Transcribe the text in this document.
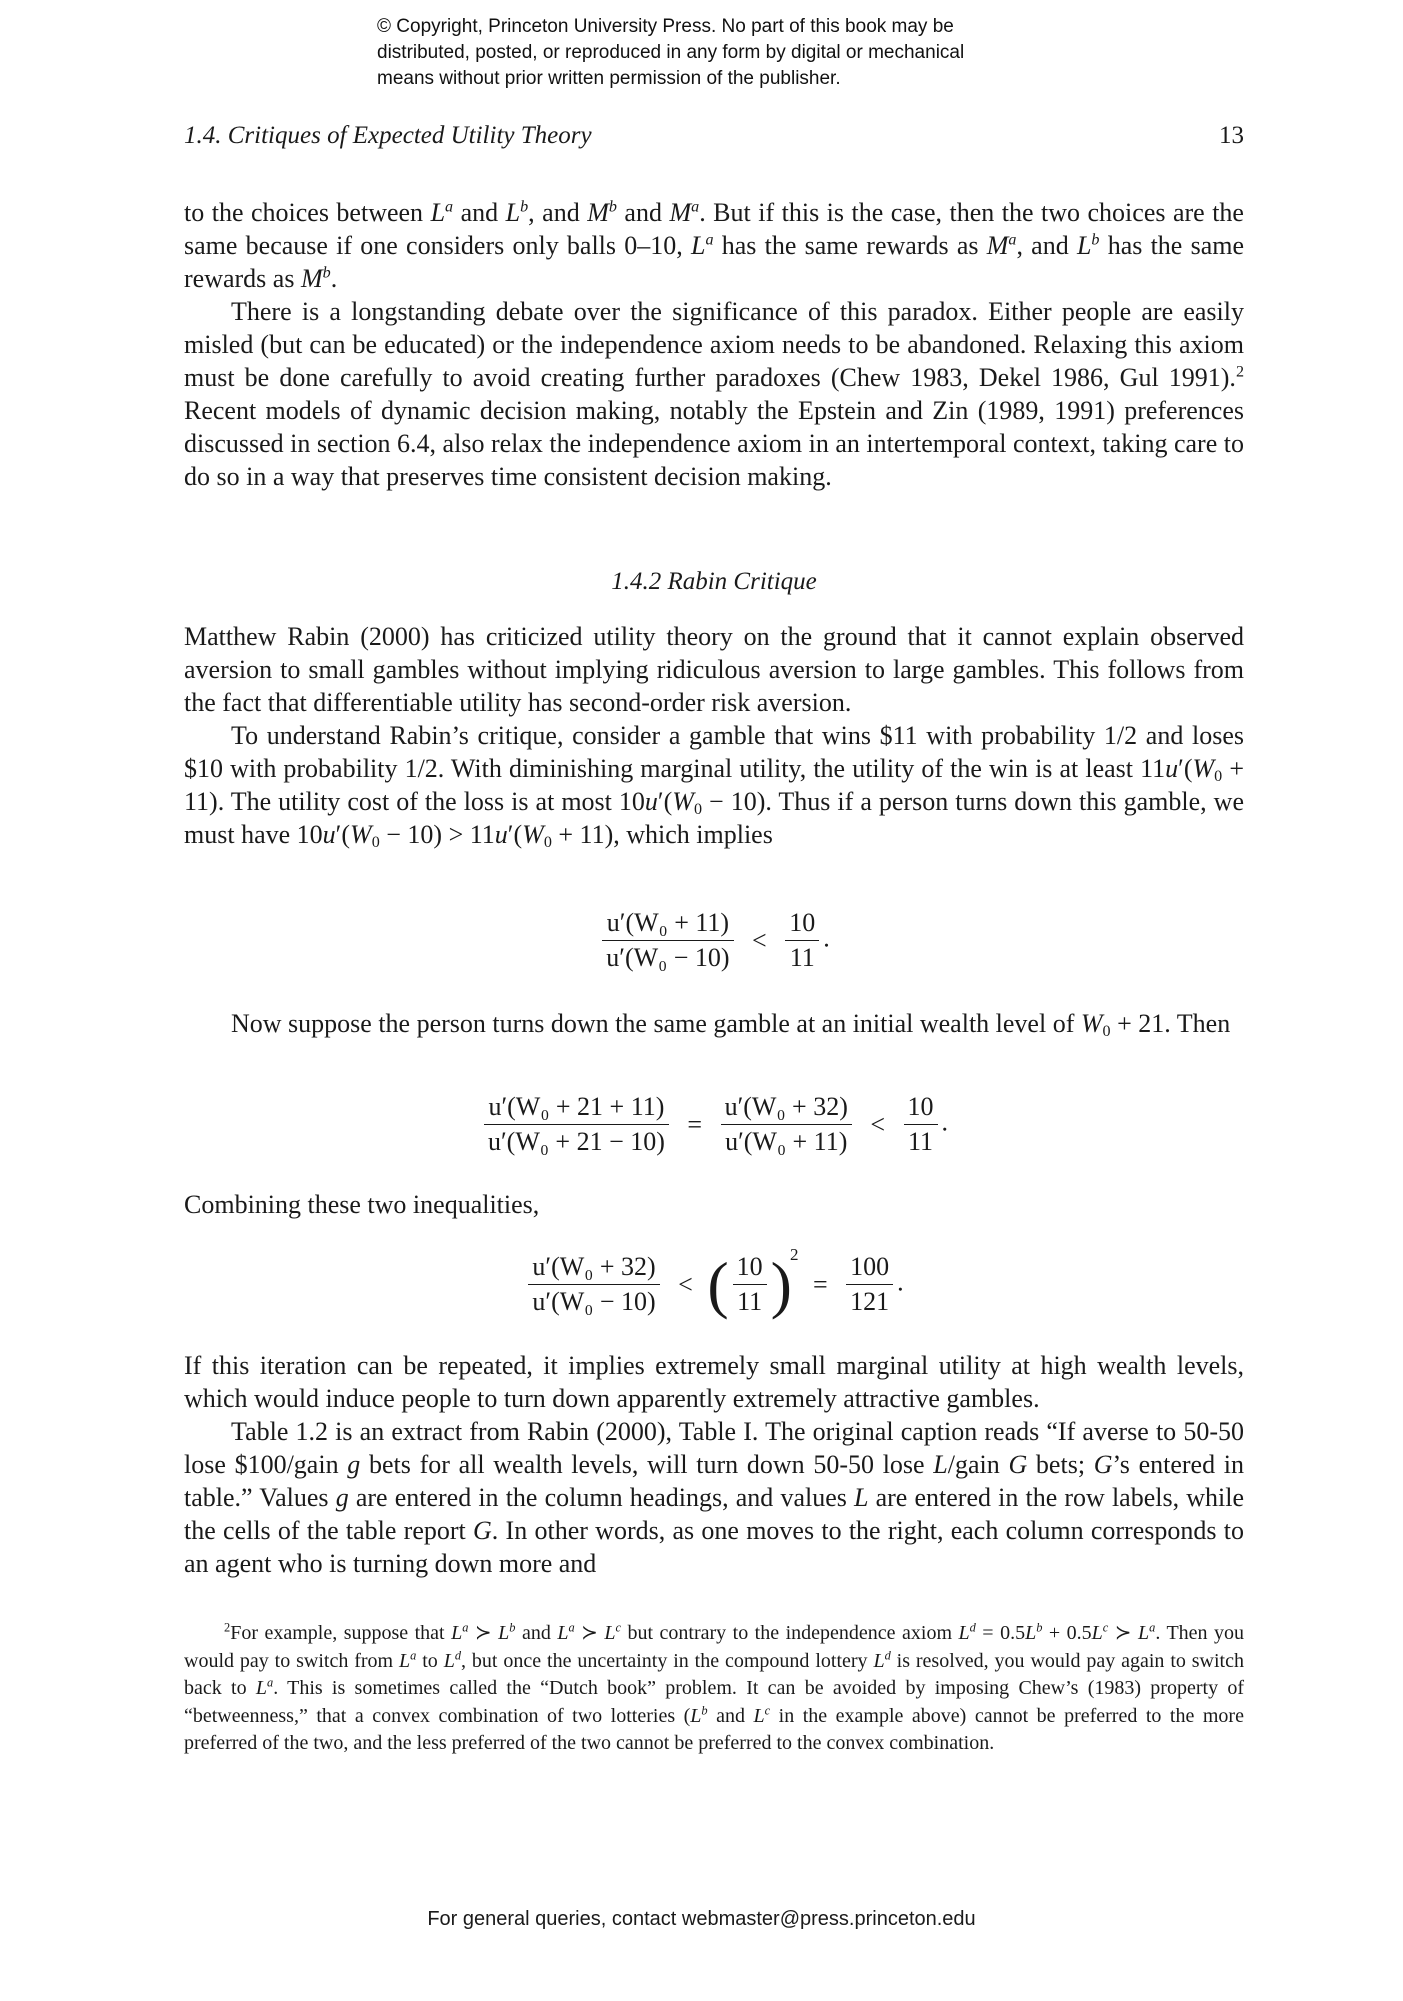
© Copyright, Princeton University Press. No part of this book may be
distributed, posted, or reproduced in any form by digital or mechanical
means without prior written permission of the publisher.
1.4. Critiques of Expected Utility Theory	13

to the choices between $L^a$ and $L^b$, and $M^b$ and $M^a$. But if this is the case, then the two choices are the same because if one considers only balls 0–10, $L^a$ has the same rewards as $M^a$, and $L^b$ has the same rewards as $M^b$.

There is a longstanding debate over the significance of this paradox. Either people are easily misled (but can be educated) or the independence axiom needs to be abandoned. Relaxing this axiom must be done carefully to avoid creating further paradoxes (Chew 1983, Dekel 1986, Gul 1991).$^2$ Recent models of dynamic decision making, notably the Epstein and Zin (1989, 1991) preferences discussed in section 6.4, also relax the independence axiom in an intertemporal context, taking care to do so in a way that preserves time consistent decision making.

1.4.2 Rabin Critique

Matthew Rabin (2000) has criticized utility theory on the ground that it cannot explain observed aversion to small gambles without implying ridiculous aversion to large gambles. This follows from the fact that differentiable utility has second-order risk aversion.

To understand Rabin’s critique, consider a gamble that wins $11 with probability 1/2 and loses $10 with probability 1/2. With diminishing marginal utility, the utility of the win is at least $11u'(W_0 + 11)$. The utility cost of the loss is at most $10u'(W_0 - 10)$. Thus if a person turns down this gamble, we must have $10u'(W_0 - 10) > 11u'(W_0 + 11)$, which implies

$\frac{\text{u′(W₀ + 11)}}{\text{u′(W₀ − 10)}} < \frac{10}{11}$ .

Now suppose the person turns down the same gamble at an initial wealth level of $W_0 + 21$. Then

$\frac{\text{u′(W₀ + 21 + 11)}}{\text{u′(W₀ + 21 − 10)}} = \frac{\text{u′(W₀ + 32)}}{\text{u′(W₀ + 11)}} < \frac{10}{11}$ .

Combining these two inequalities,

$\frac{\text{u′(W₀ + 32)}}{\text{u′(W₀ − 10)}}$ < ( $\frac{10}{11} )2 = \frac{100}{121}$ .

If this iteration can be repeated, it implies extremely small marginal utility at high wealth levels, which would induce people to turn down apparently extremely attractive gambles.

Table 1.2 is an extract from Rabin (2000), Table I. The original caption reads “If averse to 50-50 lose $100/gain g bets for all wealth levels, will turn down 50-50 lose L/gain G bets; G’s entered in table.” Values g are entered in the column headings, and values L are entered in the row labels, while the cells of the table report G. In other words, as one moves to the right, each column corresponds to an agent who is turning down more and

$^2$For example, suppose that $L^a$ ≻ $L^b$ and $L^a$ ≻ $L^c$ but contrary to the independence axiom $L^d = 0.5L^b + 0.5L^c$ ≻ $L^a$. Then you would pay to switch from $L^a$ to $L^d$, but once the uncertainty in the compound lottery $L^d$ is resolved, you would pay again to switch back to $L^a$. This is sometimes called the “Dutch book” problem. It can be avoided by imposing Chew’s (1983) property of “betweenness,” that a convex combination of two lotteries ($L^b$ and $L^c$ in the example above) cannot be preferred to the more preferred of the two, and the less preferred of the two cannot be preferred to the convex combination.

For general queries, contact webmaster@press.princeton.edu
